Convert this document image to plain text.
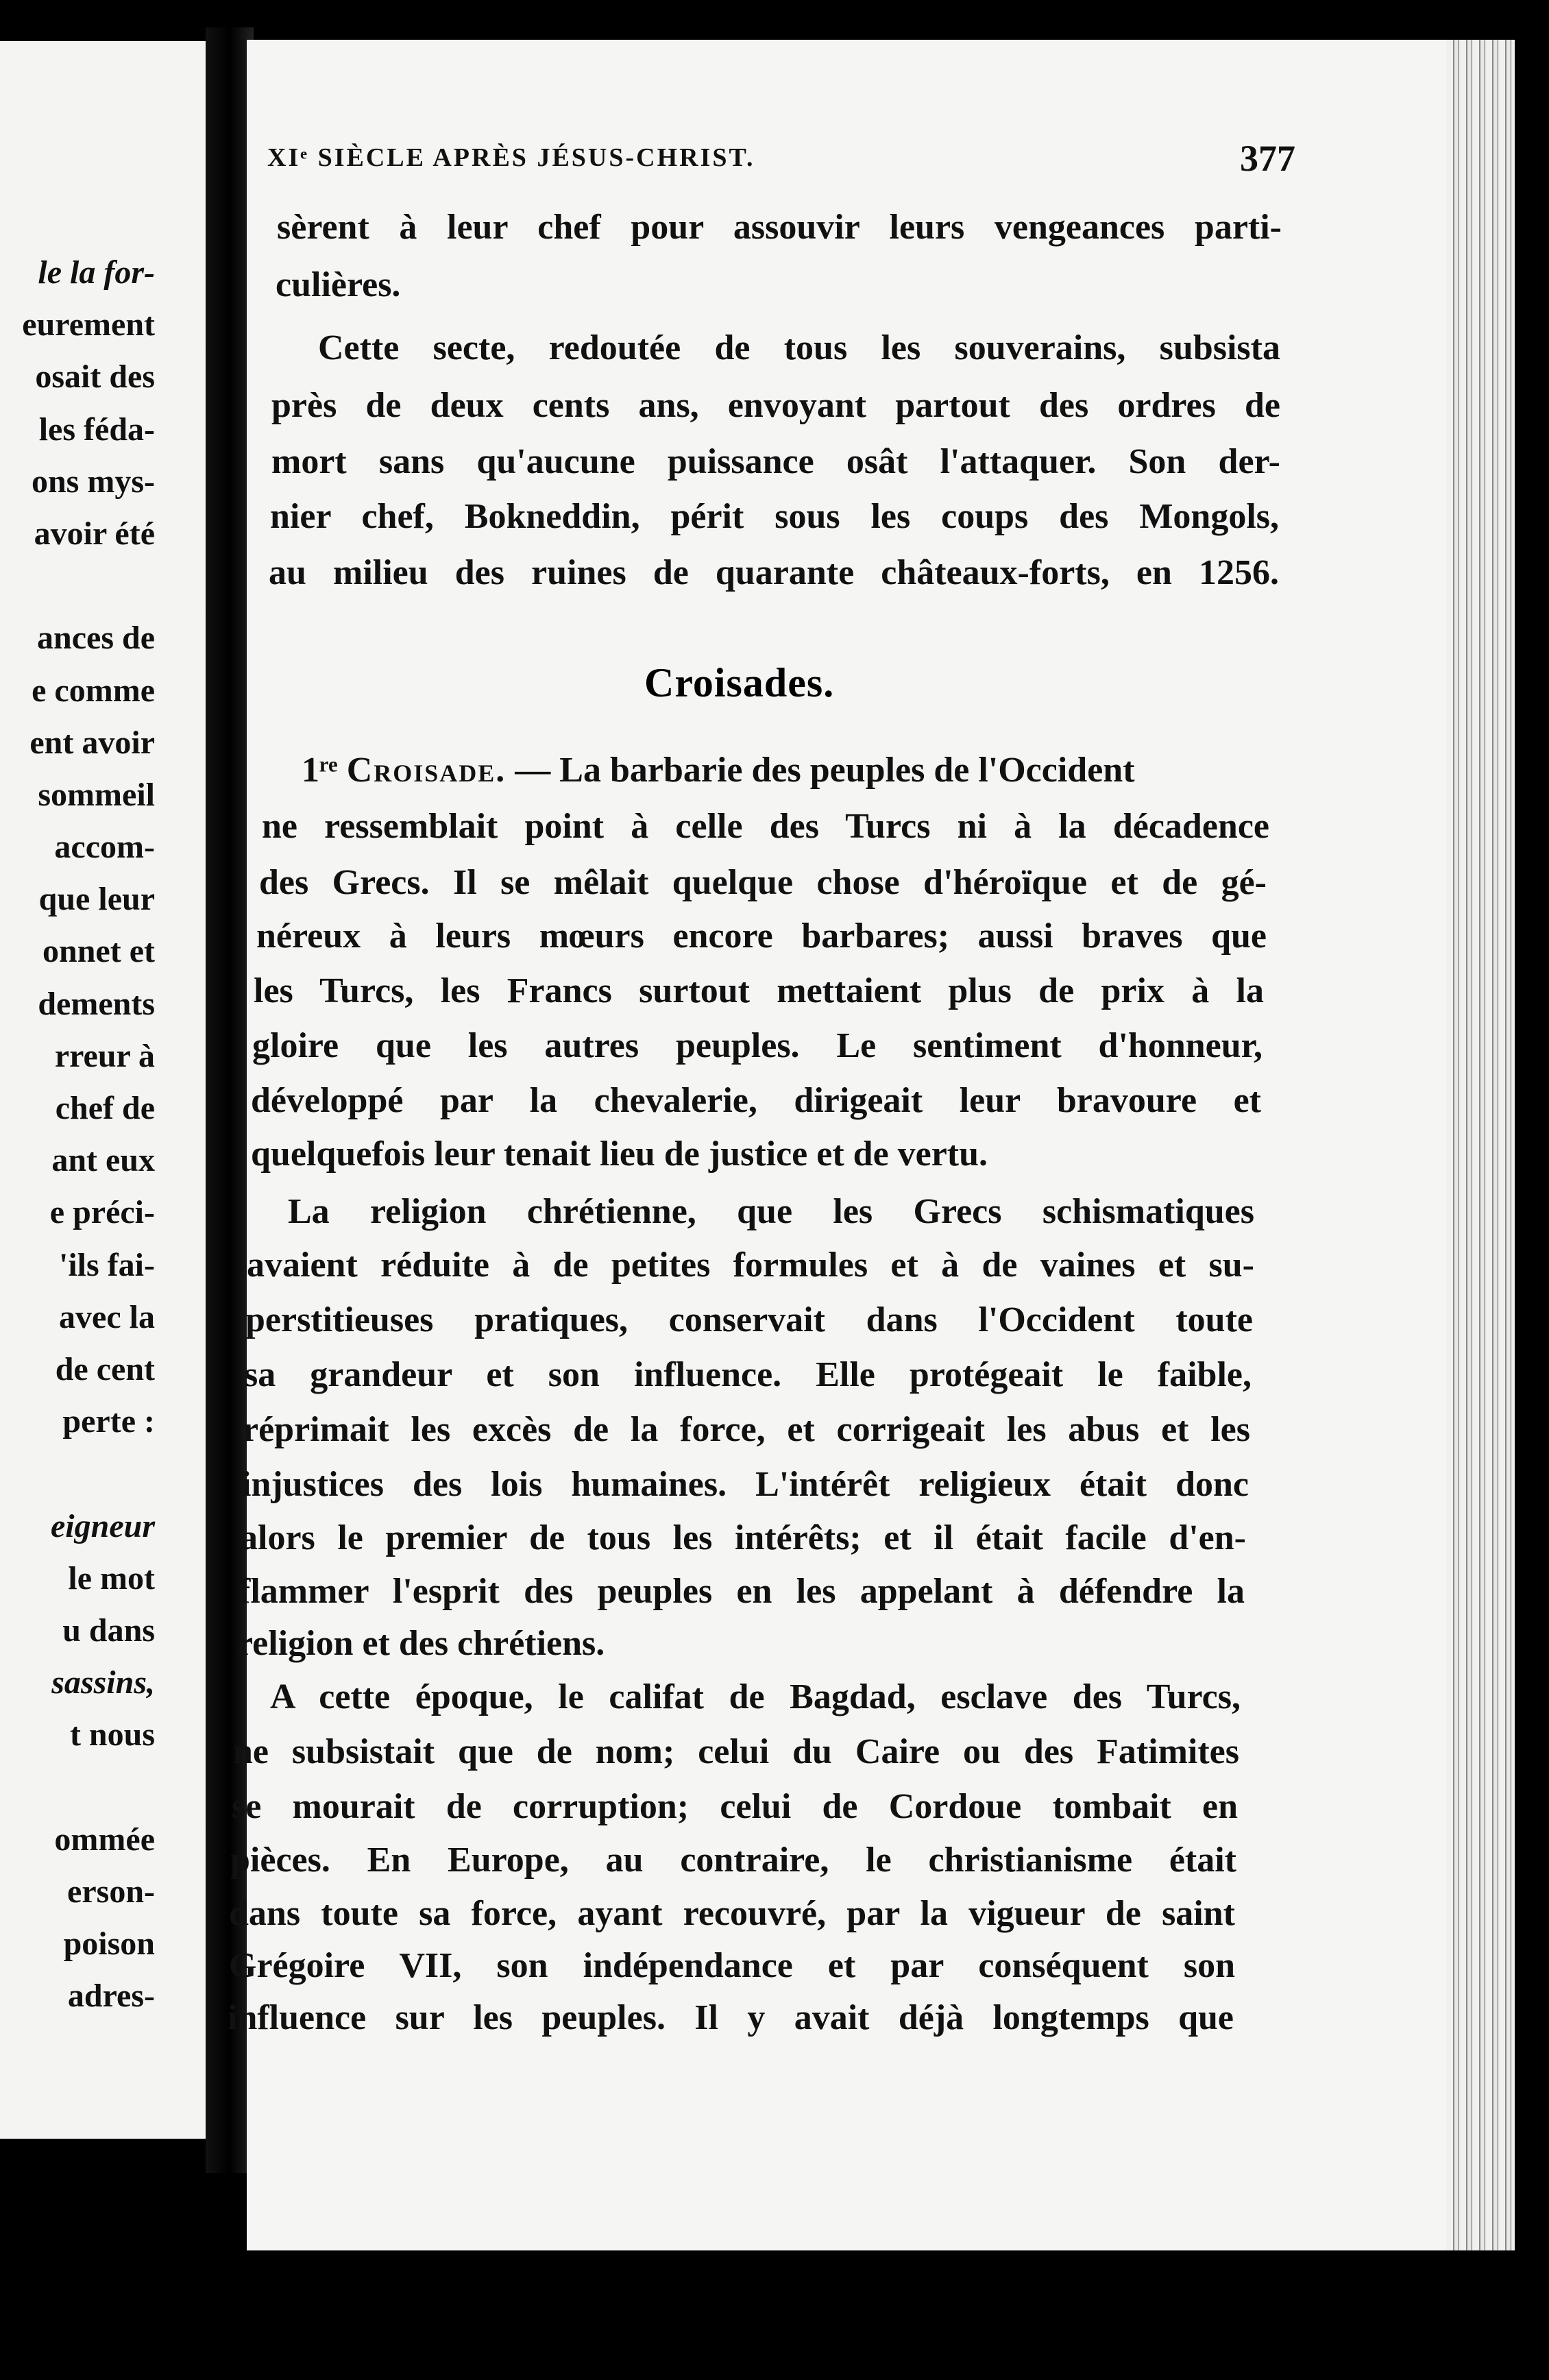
le la for-
eurement
osait des
les féda-
ons mys-
avoir été
ances de
e comme
ent avoir
sommeil
accom-
que leur
onnet et
dements
rreur à
chef de
ant eux
e préci-
'ils fai-
avec la
de cent
perte :
eigneur
le mot
u dans
sassins,
t nous
ommée
erson-
poison
adres-
XIᵉ SIÈCLE APRÈS JÉSUS-CHRIST.	377
sèrent à leur chef pour assouvir leurs vengeances parti-
culières.
Cette secte, redoutée de tous les souverains, subsista
près de deux cents ans, envoyant partout des ordres de
mort sans qu'aucune puissance osât l'attaquer. Son der-
nier chef, Bokneddin, périt sous les coups des Mongols,
au milieu des ruines de quarante châteaux-forts, en 1256.
Croisades.
1ʳᵉ Croisade. — La barbarie des peuples de l'Occident
ne ressemblait point à celle des Turcs ni à la décadence
des Grecs. Il se mêlait quelque chose d'héroïque et de gé-
néreux à leurs mœurs encore barbares; aussi braves que
les Turcs, les Francs surtout mettaient plus de prix à la
gloire que les autres peuples. Le sentiment d'honneur,
développé par la chevalerie, dirigeait leur bravoure et
quelquefois leur tenait lieu de justice et de vertu.
La religion chrétienne, que les Grecs schismatiques
avaient réduite à de petites formules et à de vaines et su-
perstitieuses pratiques, conservait dans l'Occident toute
sa grandeur et son influence. Elle protégeait le faible,
réprimait les excès de la force, et corrigeait les abus et les
injustices des lois humaines. L'intérêt religieux était donc
alors le premier de tous les intérêts; et il était facile d'en-
flammer l'esprit des peuples en les appelant à défendre la
religion et des chrétiens.
A cette époque, le califat de Bagdad, esclave des Turcs,
ne subsistait que de nom; celui du Caire ou des Fatimites
se mourait de corruption; celui de Cordoue tombait en
pièces. En Europe, au contraire, le christianisme était
dans toute sa force, ayant recouvré, par la vigueur de saint
Grégoire VII, son indépendance et par conséquent son
influence sur les peuples. Il y avait déjà longtemps que
